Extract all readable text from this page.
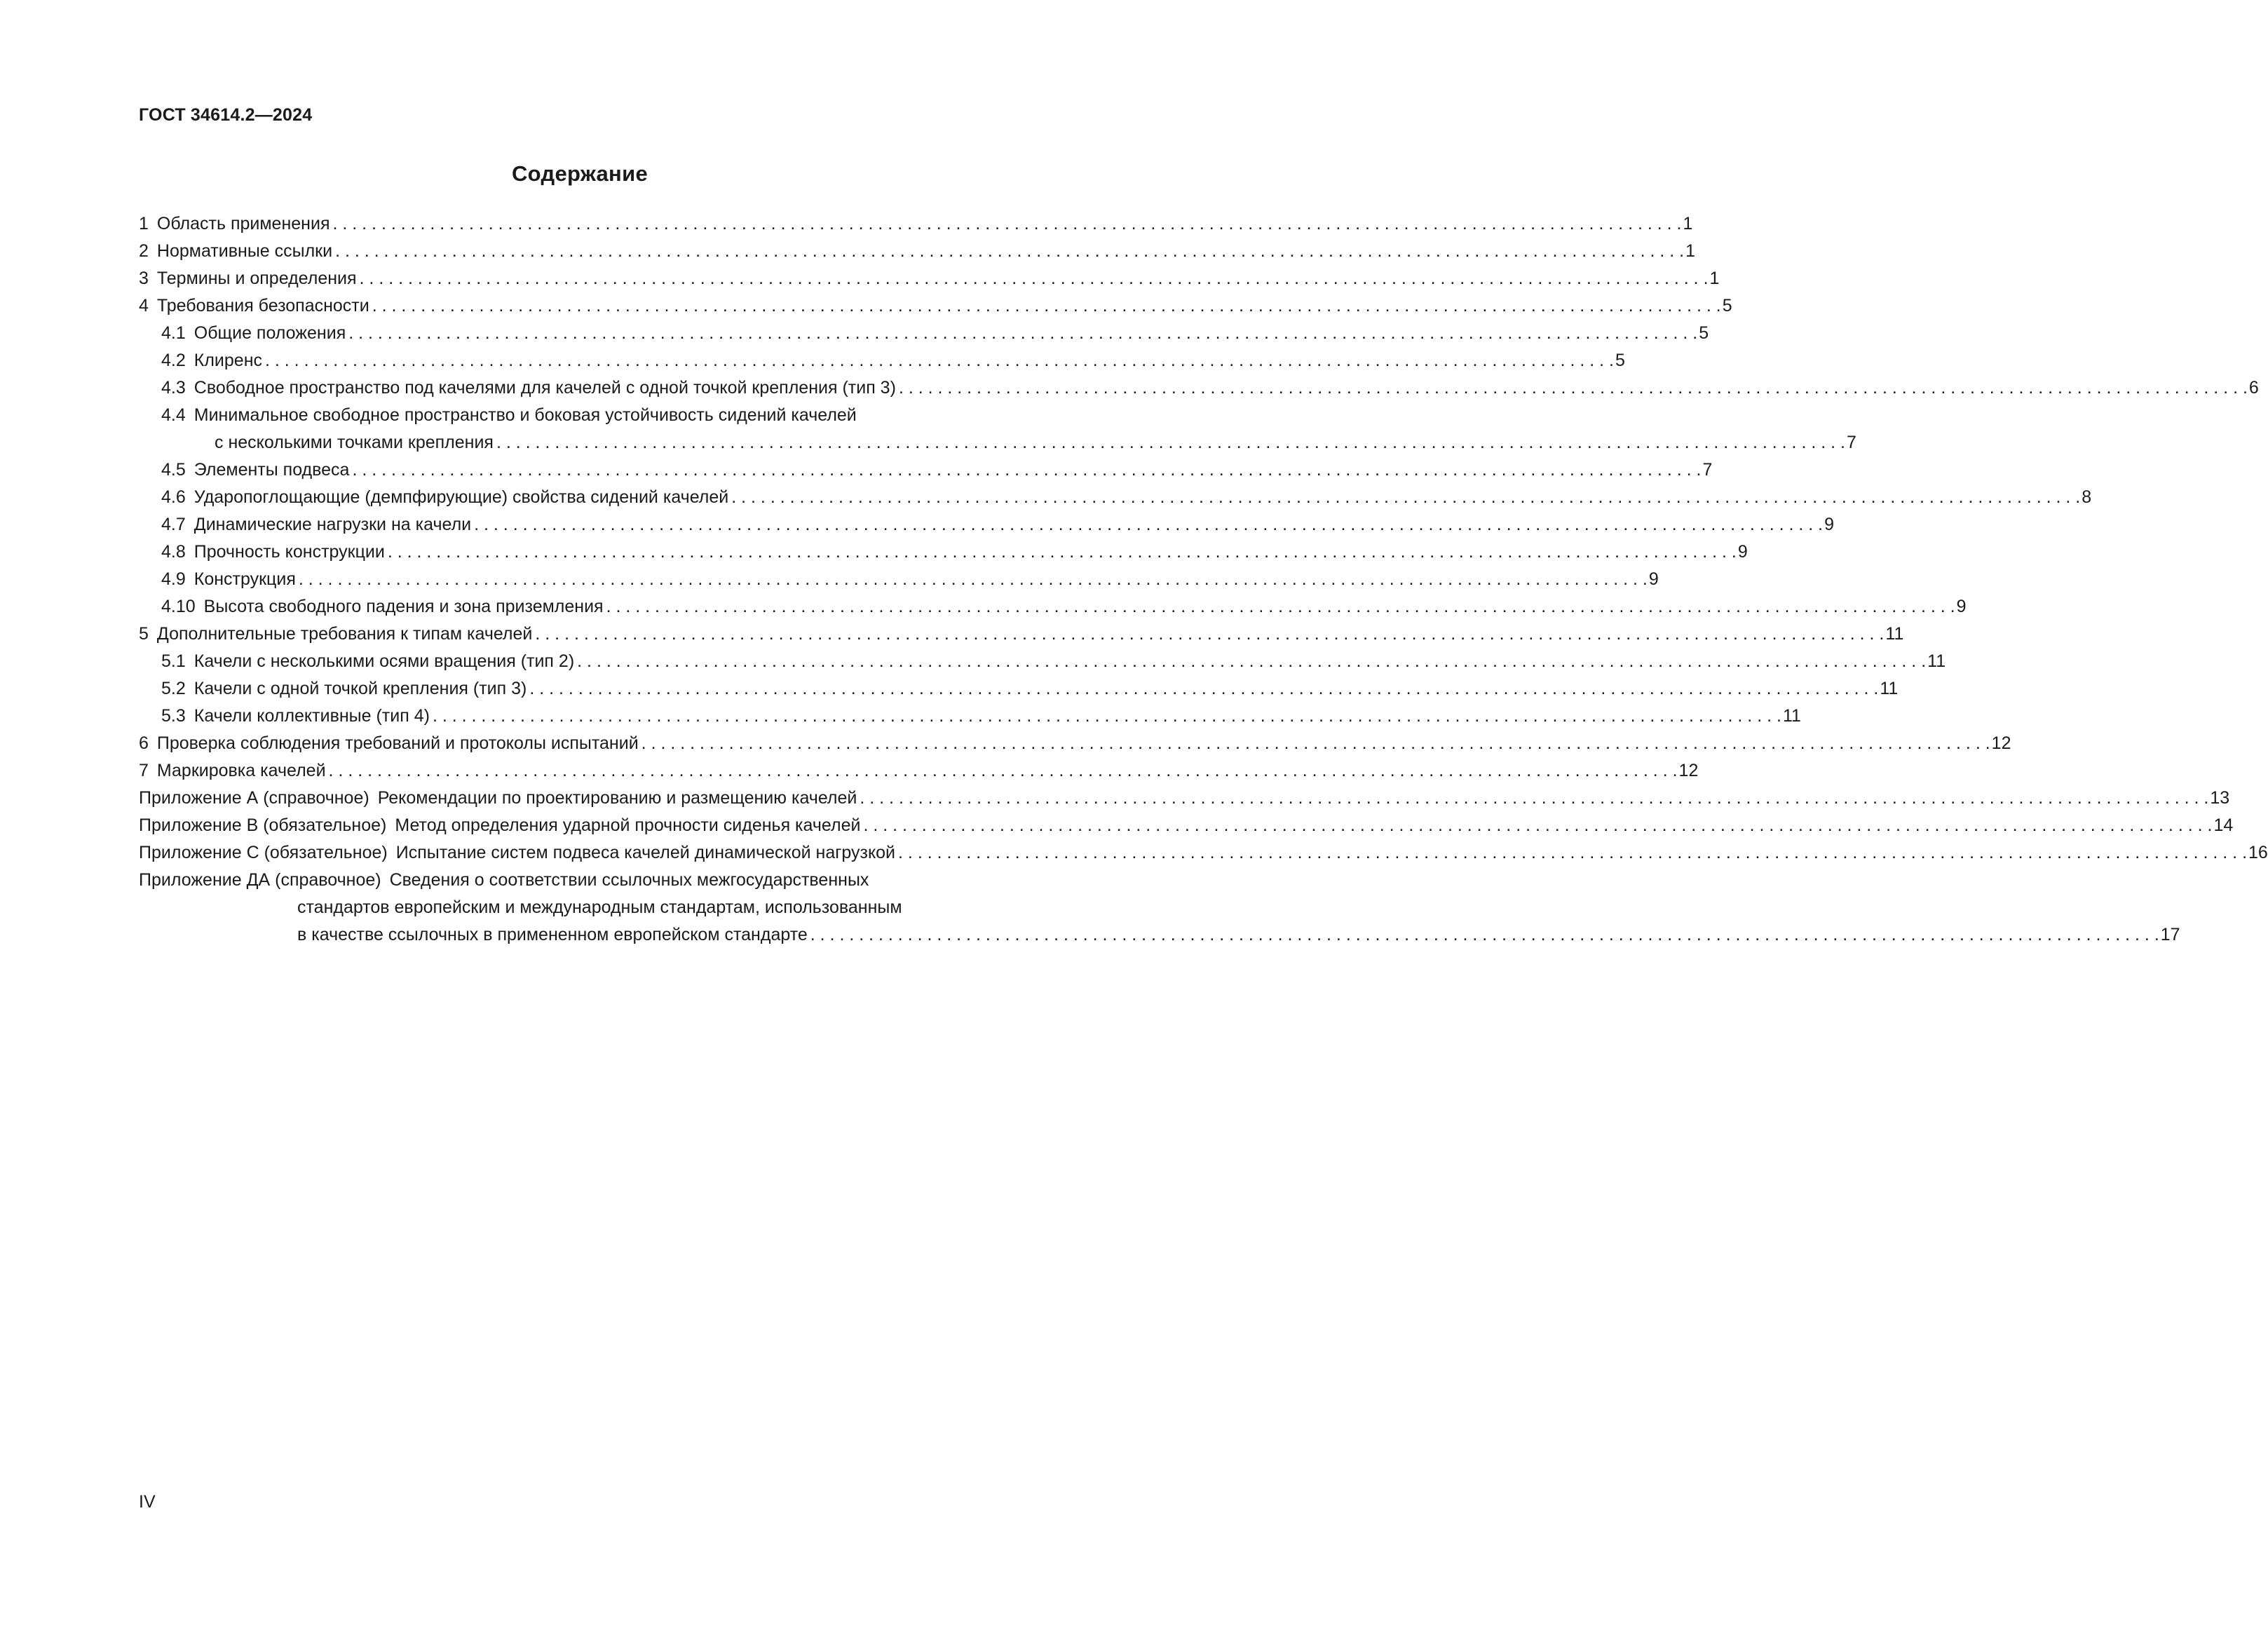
ГОСТ 34614.2—2024
Содержание
1 Область применения . . .	1
2 Нормативные ссылки . . .	1
3 Термины и определения . . .	1
4 Требования безопасности . . .	5
4.1 Общие положения . . .	5
4.2 Клиренс . . .	5
4.3 Свободное пространство под качелями для качелей с одной точкой крепления (тип 3) . . .	6
4.4 Минимальное свободное пространство и боковая устойчивость сидений качелей
с несколькими точками крепления . . .	7
4.5 Элементы подвеса . . .	7
4.6 Ударопоглощающие (демпфирующие) свойства сидений качелей . . .	8
4.7 Динамические нагрузки на качели . . .	9
4.8 Прочность конструкции . . .	9
4.9 Конструкция . . .	9
4.10 Высота свободного падения и зона приземления . . .	9
5 Дополнительные требования к типам качелей . . .	11
5.1 Качели с несколькими осями вращения (тип 2) . . .	11
5.2 Качели с одной точкой крепления (тип 3) . . .	11
5.3 Качели коллективные (тип 4) . . .	11
6 Проверка соблюдения требований и протоколы испытаний . . .	12
7 Маркировка качелей . . .	12
Приложение А (справочное) Рекомендации по проектированию и размещению качелей . . .	13
Приложение В (обязательное) Метод определения ударной прочности сиденья качелей . . .	14
Приложение С (обязательное) Испытание систем подвеса качелей динамической нагрузкой . . .	16
Приложение ДА (справочное) Сведения о соответствии ссылочных межгосударственных
стандартов европейским и международным стандартам, использованным
в качестве ссылочных в примененном европейском стандарте . . .	17
IV
